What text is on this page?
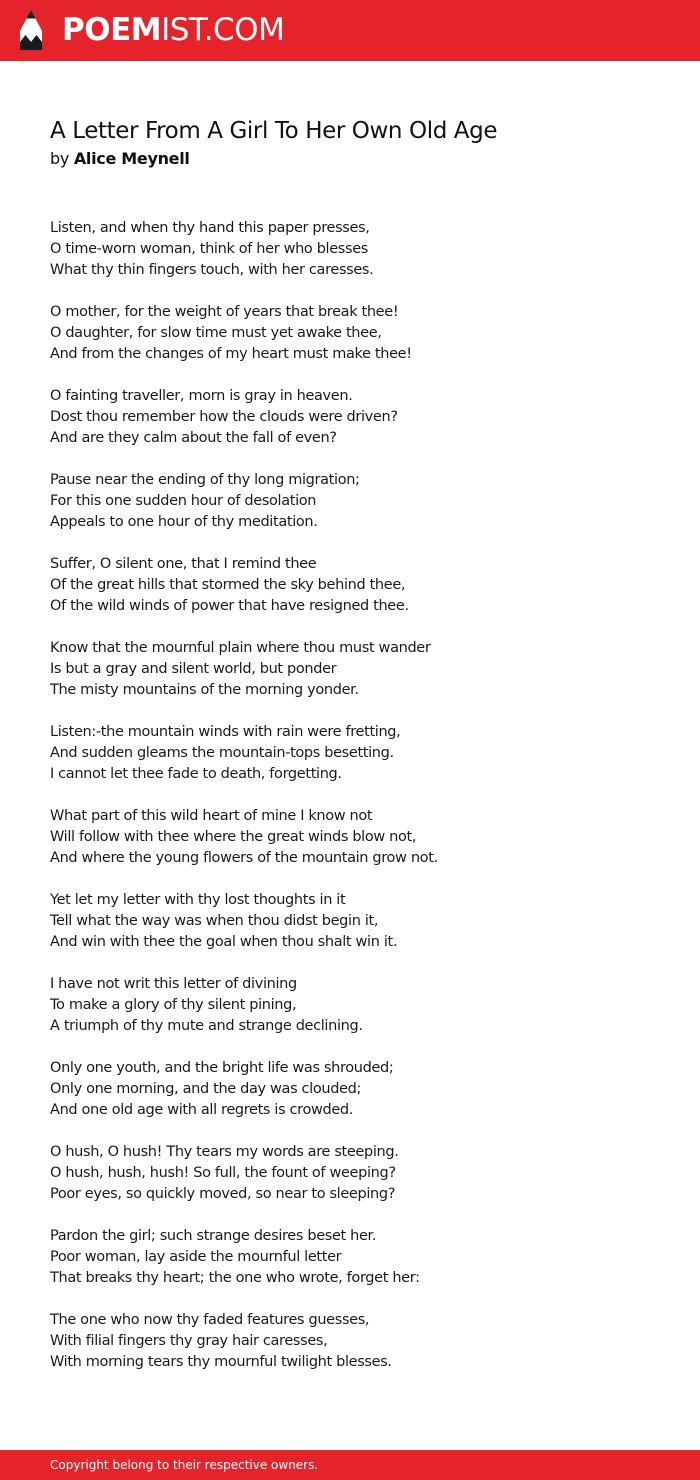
POEMIST.COM
A Letter From A Girl To Her Own Old Age
by Alice Meynell
Listen, and when thy hand this paper presses,
O time-worn woman, think of her who blesses
What thy thin fingers touch, with her caresses.
O mother, for the weight of years that break thee!
O daughter, for slow time must yet awake thee,
And from the changes of my heart must make thee!
O fainting traveller, morn is gray in heaven.
Dost thou remember how the clouds were driven?
And are they calm about the fall of even?
Pause near the ending of thy long migration;
For this one sudden hour of desolation
Appeals to one hour of thy meditation.
Suffer, O silent one, that I remind thee
Of the great hills that stormed the sky behind thee,
Of the wild winds of power that have resigned thee.
Know that the mournful plain where thou must wander
Is but a gray and silent world, but ponder
The misty mountains of the morning yonder.
Listen:-the mountain winds with rain were fretting,
And sudden gleams the mountain-tops besetting.
I cannot let thee fade to death, forgetting.
What part of this wild heart of mine I know not
Will follow with thee where the great winds blow not,
And where the young flowers of the mountain grow not.
Yet let my letter with thy lost thoughts in it
Tell what the way was when thou didst begin it,
And win with thee the goal when thou shalt win it.
I have not writ this letter of divining
To make a glory of thy silent pining,
A triumph of thy mute and strange declining.
Only one youth, and the bright life was shrouded;
Only one morning, and the day was clouded;
And one old age with all regrets is crowded.
O hush, O hush! Thy tears my words are steeping.
O hush, hush, hush! So full, the fount of weeping?
Poor eyes, so quickly moved, so near to sleeping?
Pardon the girl; such strange desires beset her.
Poor woman, lay aside the mournful letter
That breaks thy heart; the one who wrote, forget her:
The one who now thy faded features guesses,
With filial fingers thy gray hair caresses,
With morning tears thy mournful twilight blesses.
Copyright belong to their respective owners.
